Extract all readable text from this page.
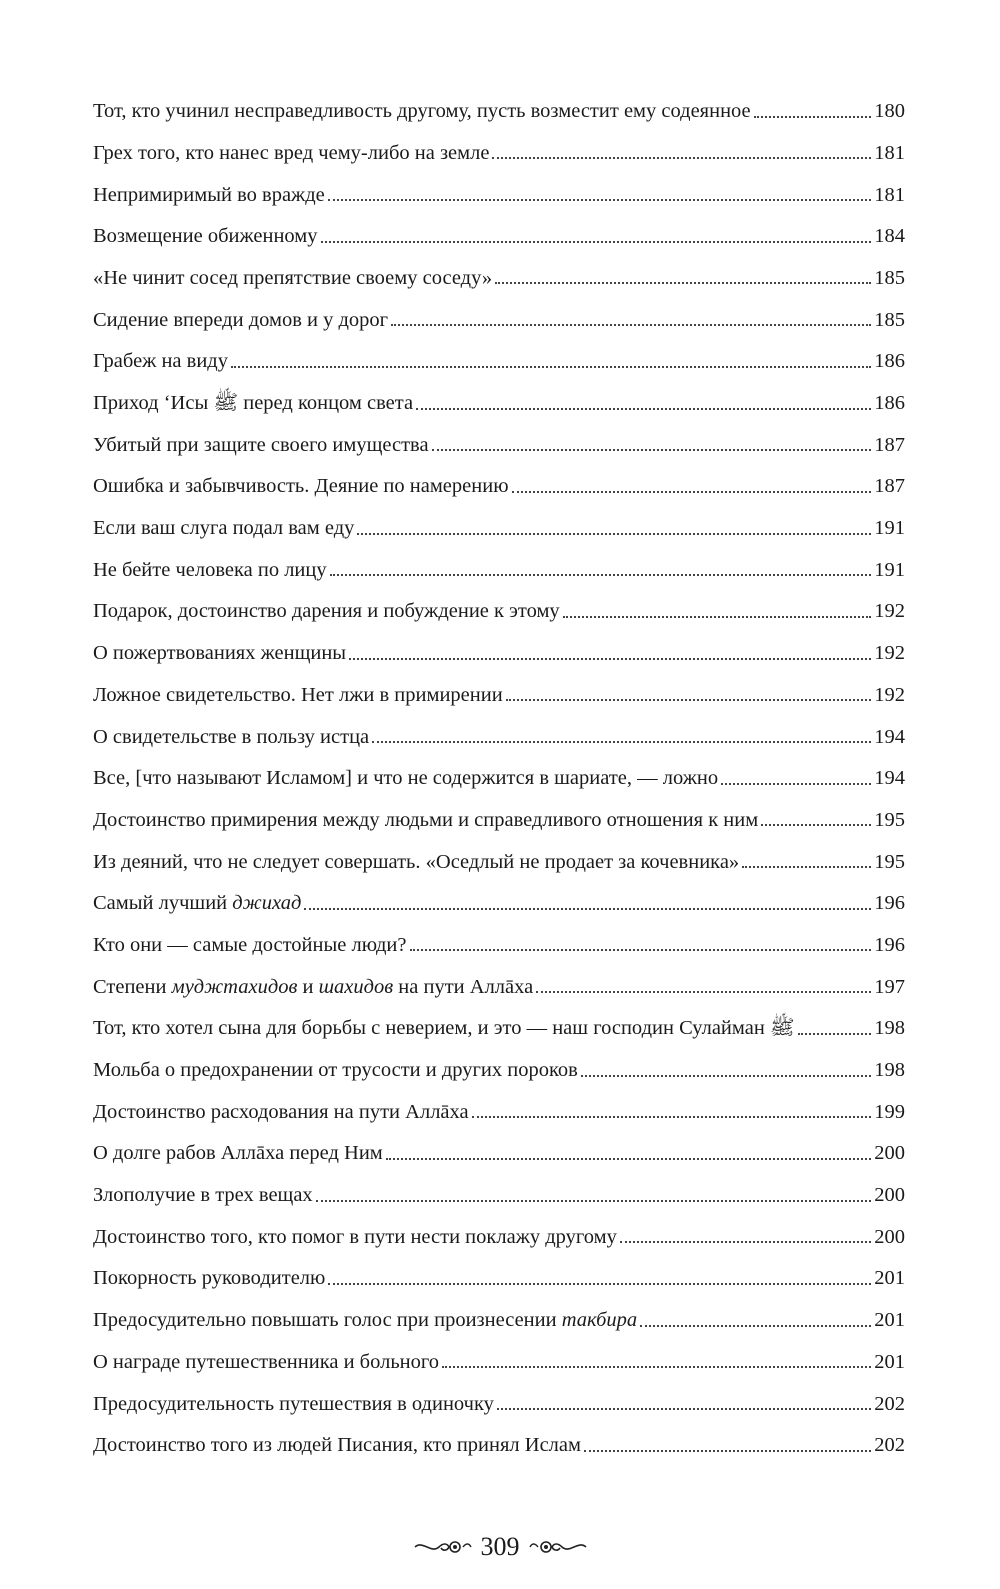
Тот, кто учинил несправедливость другому, пусть возместит ему содеянное	180
Грех того, кто нанес вред чему-либо на земле	181
Непримиримый во вражде	181
Возмещение обиженному	184
«Не чинит сосед препятствие своему соседу»	185
Сидение впереди домов и у дорог	185
Грабеж на виду	186
Приход ‘Исы ﷺ перед концом света	186
Убитый при защите своего имущества	187
Ошибка и забывчивость. Деяние по намерению	187
Если ваш слуга подал вам еду	191
Не бейте человека по лицу	191
Подарок, достоинство дарения и побуждение к этому	192
О пожертвованиях женщины	192
Ложное свидетельство. Нет лжи в примирении	192
О свидетельстве в пользу истца	194
Все, [что называют Исламом] и что не содержится в шариате, — ложно	194
Достоинство примирения между людьми и справедливого отношения к ним	195
Из деяний, что не следует совершать. «Оседлый не продает за кочевника»	195
Самый лучший джихад	196
Кто они — самые достойные люди?	196
Степени муджтахидов и шахидов на пути Аллāха	197
Тот, кто хотел сына для борьбы с неверием, и это — наш господин Сулайман ﷺ	198
Мольба о предохранении от трусости и других пороков	198
Достоинство расходования на пути Аллāха	199
О долге рабов Аллāха перед Ним	200
Злополучие в трех вещах	200
Достоинство того, кто помог в пути нести поклажу другому	200
Покорность руководителю	201
Предосудительно повышать голос при произнесении такбира	201
О награде путешественника и больного	201
Предосудительность путешествия в одиночку	202
Достоинство того из людей Писания, кто принял Ислам	202
309
